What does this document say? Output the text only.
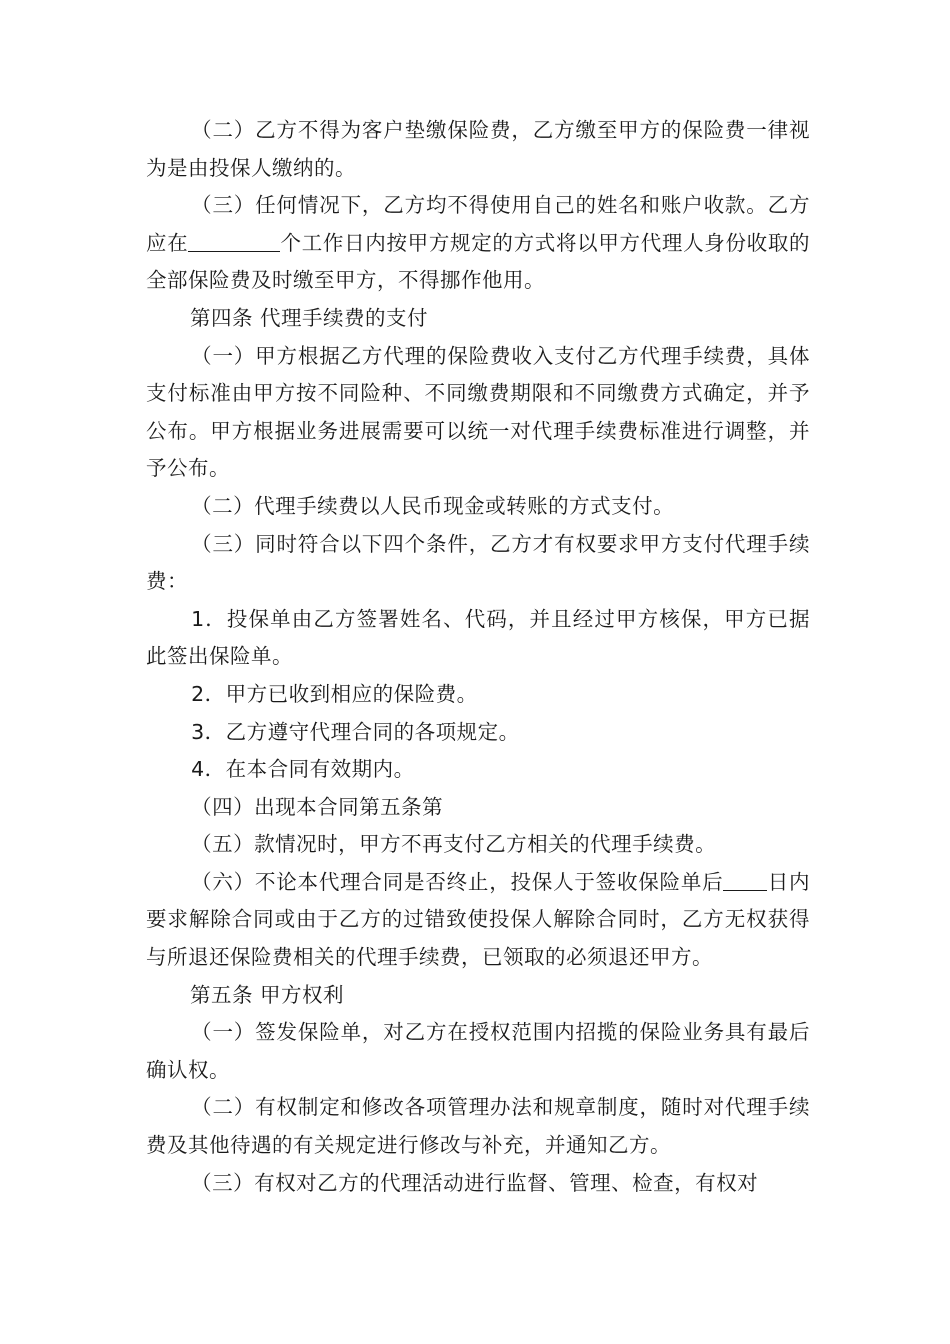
（二）乙方不得为客户垫缴保险费，乙方缴至甲方的保险费一律视为是由投保人缴纳的。

（三）任何情况下，乙方均不得使用自己的姓名和账户收款。乙方应在	个工作日内按甲方规定的方式将以甲方代理人身份收取的全部保险费及时缴至甲方，不得挪作他用。

第四条 代理手续费的支付

（一）甲方根据乙方代理的保险费收入支付乙方代理手续费，具体支付标准由甲方按不同险种、不同缴费期限和不同缴费方式确定，并予公布。甲方根据业务进展需要可以统一对代理手续费标准进行调整，并予公布。

（二）代理手续费以人民币现金或转账的方式支付。

（三）同时符合以下四个条件，乙方才有权要求甲方支付代理手续费：

1．投保单由乙方签署姓名、代码，并且经过甲方核保，甲方已据此签出保险单。

2．甲方已收到相应的保险费。

3．乙方遵守代理合同的各项规定。

4．在本合同有效期内。

（四）出现本合同第五条第

（五）款情况时，甲方不再支付乙方相关的代理手续费。

（六）不论本代理合同是否终止，投保人于签收保险单后 日内要求解除合同或由于乙方的过错致使投保人解除合同时，乙方无权获得与所退还保险费相关的代理手续费，已领取的必须退还甲方。

第五条 甲方权利

（一）签发保险单，对乙方在授权范围内招揽的保险业务具有最后确认权。

（二）有权制定和修改各项管理办法和规章制度，随时对代理手续费及其他待遇的有关规定进行修改与补充，并通知乙方。

（三）有权对乙方的代理活动进行监督、管理、检查，有权对
